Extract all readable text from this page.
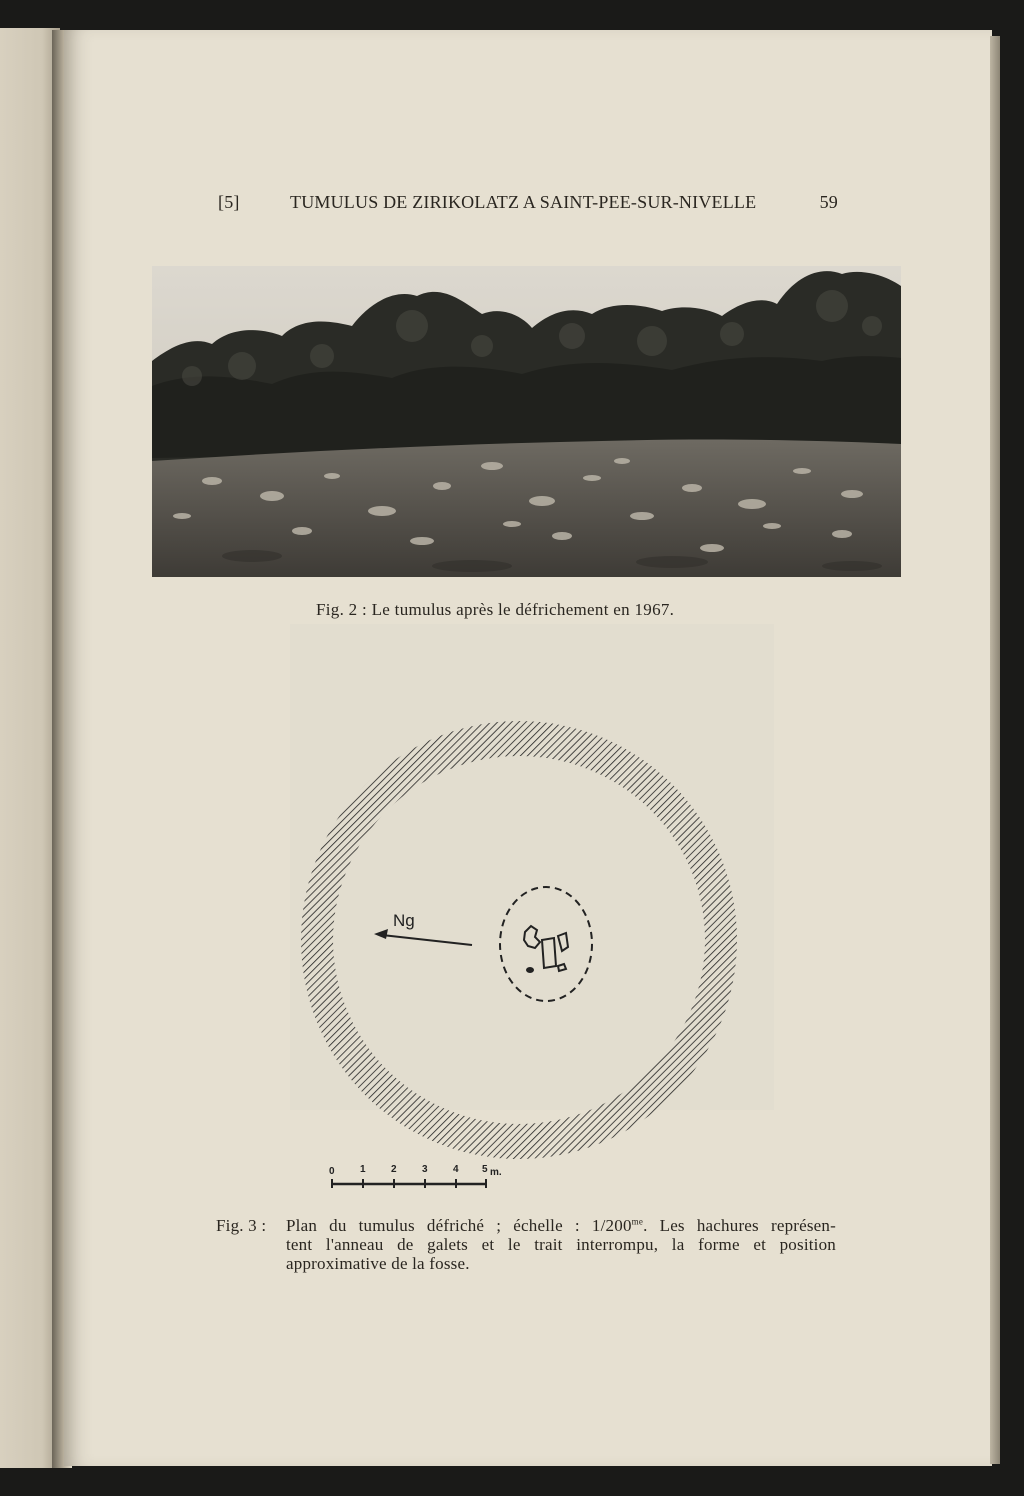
[5]	TUMULUS DE ZIRIKOLATZ A SAINT-PEE-SUR-NIVELLE	59
Fig. 2 : Le tumulus après le défrichement en 1967.
Ng
0	1	2	3	4 5 m.
Fig. 3 :	Plan du tumulus défriché ; échelle : $1/200^{me}$. Les hachures représen-
tent l'anneau de galets et le trait interrompu, la forme et position
approximative de la fosse.
